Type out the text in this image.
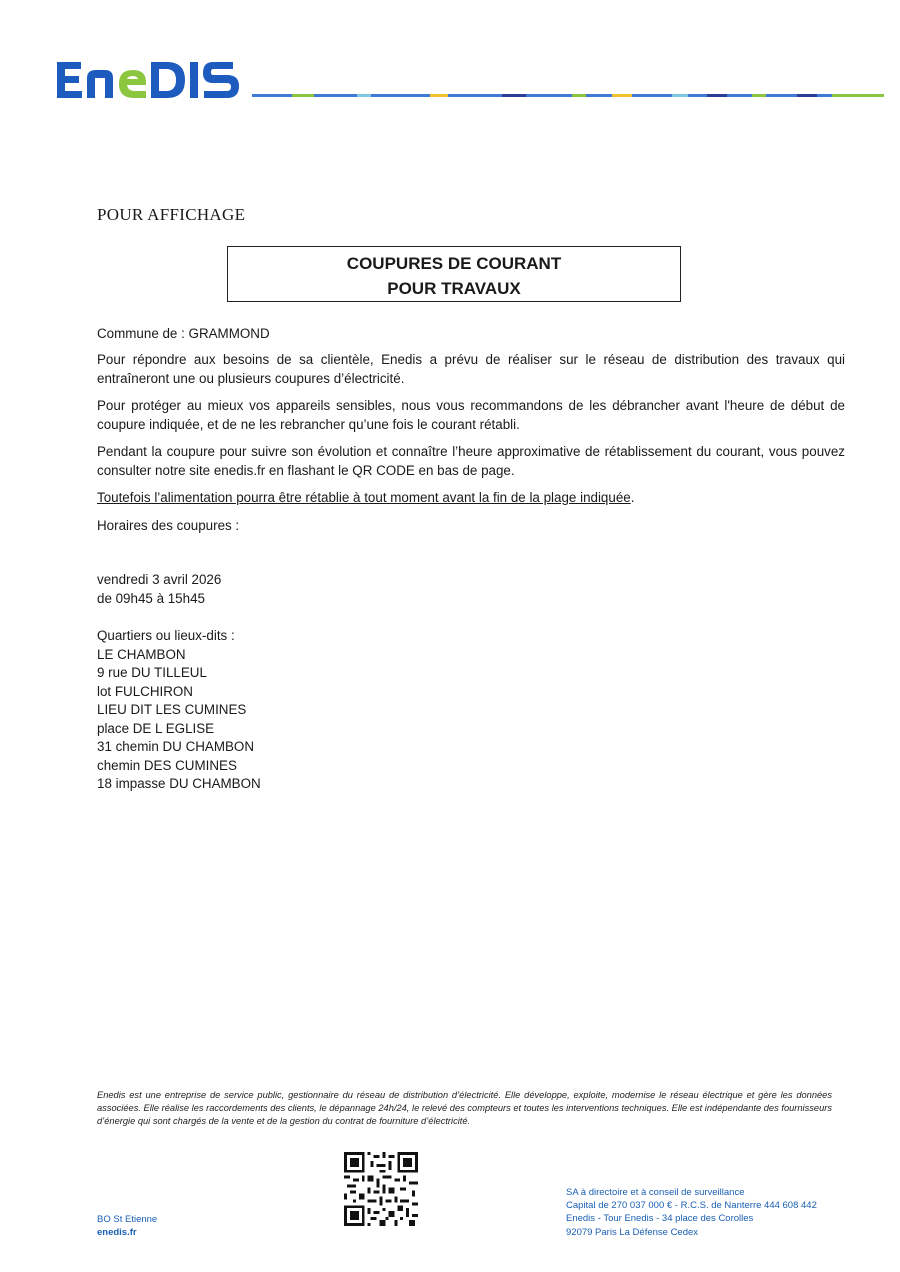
POUR AFFICHAGE
COUPURES DE COURANT
POUR TRAVAUX
Commune de : GRAMMOND
Pour répondre aux besoins de sa clientèle, Enedis a prévu de réaliser sur le réseau de distribution des travaux qui entraîneront une ou plusieurs coupures d’électricité.
Pour protéger au mieux vos appareils sensibles, nous vous recommandons de les débrancher avant l'heure de début de coupure indiquée, et de ne les rebrancher qu’une fois le courant rétabli.
Pendant la coupure pour suivre son évolution et connaître l’heure approximative de rétablissement du courant, vous pouvez consulter notre site enedis.fr en flashant le QR CODE en bas de page.
Toutefois l’alimentation pourra être rétablie à tout moment avant la fin de la plage indiquée.
Horaires des coupures :
vendredi 3 avril 2026
de 09h45 à 15h45
Quartiers ou lieux-dits :
LE CHAMBON
9 rue DU TILLEUL
lot FULCHIRON
LIEU DIT LES CUMINES
place DE L EGLISE
31 chemin DU CHAMBON
chemin DES CUMINES
18 impasse DU CHAMBON
Enedis est une entreprise de service public, gestionnaire du réseau de distribution d’électricité. Elle développe, exploite, modernise le réseau électrique et gère les données associées. Elle réalise les raccordements des clients, le dépannage 24h/24, le relevé des compteurs et toutes les interventions techniques. Elle est indépendante des fournisseurs d’énergie qui sont chargés de la vente et de la gestion du contrat de fourniture d’électricité.
BO St Etienne
enedis.fr
SA à directoire et à conseil de surveillance
Capital de 270 037 000 € - R.C.S. de Nanterre 444 608 442
Enedis - Tour Enedis - 34 place des Corolles
92079 Paris La Défense Cedex
